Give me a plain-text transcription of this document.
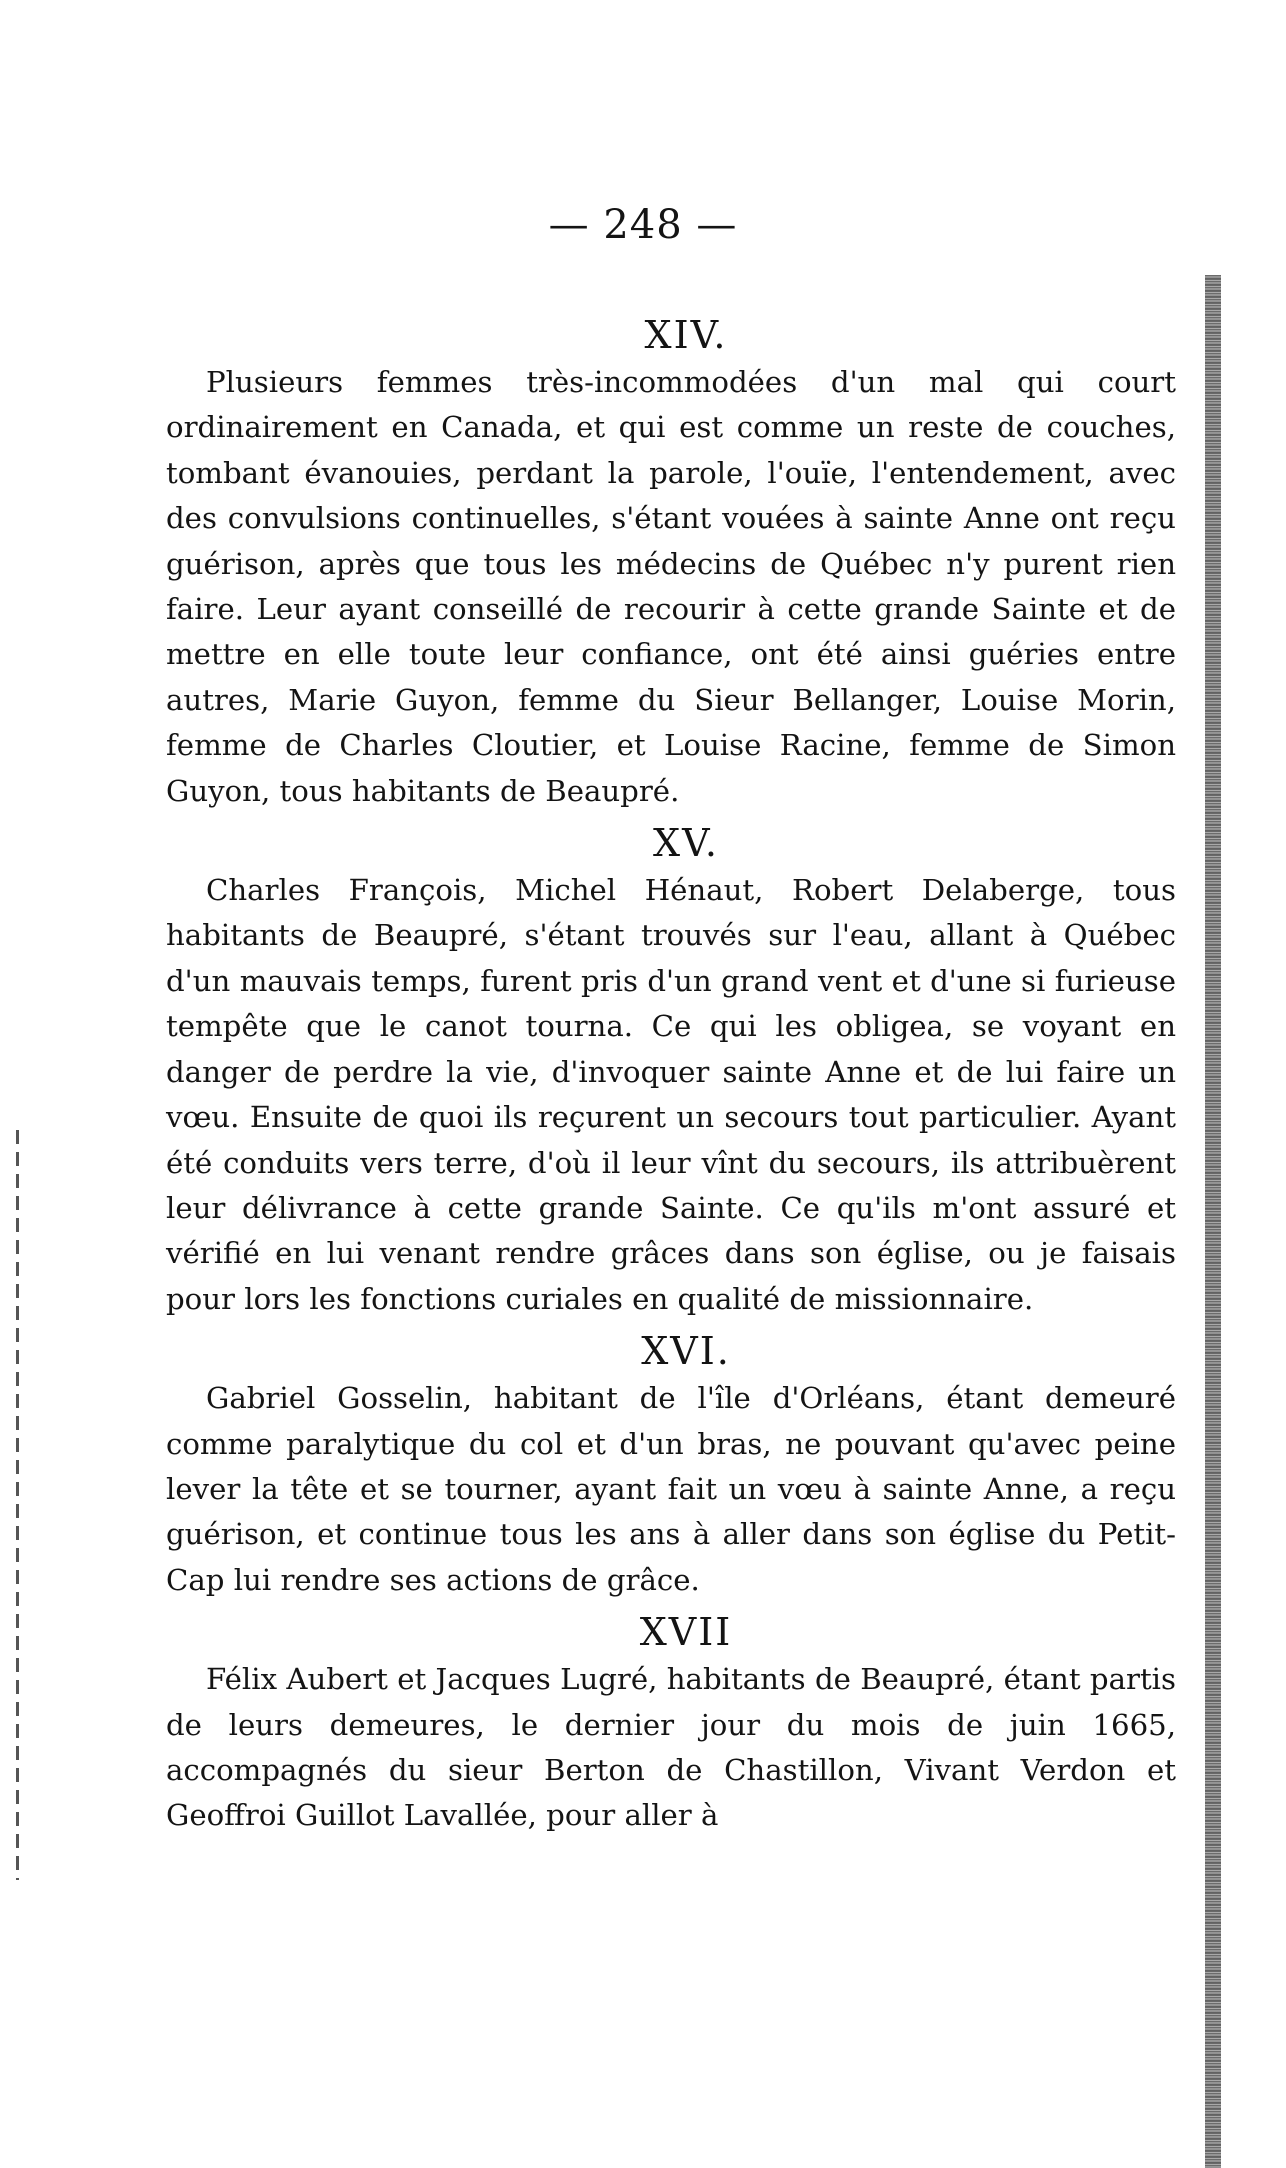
— 248 —

XIV.

Plusieurs femmes très-incommodées d'un mal qui court ordinairement en Canada, et qui est comme un reste de couches, tombant évanouies, perdant la parole, l'ouïe, l'entendement, avec des convulsions continuelles, s'étant vouées à sainte Anne ont reçu guérison, après que tous les médecins de Québec n'y purent rien faire. Leur ayant conseillé de recourir à cette grande Sainte et de mettre en elle toute leur confiance, ont été ainsi guéries entre autres, Marie Guyon, femme du Sieur Bellanger, Louise Morin, femme de Charles Cloutier, et Louise Racine, femme de Simon Guyon, tous habitants de Beaupré.

XV.

Charles François, Michel Hénaut, Robert Delaberge, tous habitants de Beaupré, s'étant trouvés sur l'eau, allant à Québec d'un mauvais temps, furent pris d'un grand vent et d'une si furieuse tempête que le canot tourna. Ce qui les obligea, se voyant en danger de perdre la vie, d'invoquer sainte Anne et de lui faire un vœu. Ensuite de quoi ils reçurent un secours tout particulier. Ayant été conduits vers terre, d'où il leur vînt du secours, ils attribuèrent leur délivrance à cette grande Sainte. Ce qu'ils m'ont assuré et vérifié en lui venant rendre grâces dans son église, ou je faisais pour lors les fonctions curiales en qualité de missionnaire.

XVI.

Gabriel Gosselin, habitant de l'île d'Orléans, étant demeuré comme paralytique du col et d'un bras, ne pouvant qu'avec peine lever la tête et se tourner, ayant fait un vœu à sainte Anne, a reçu guérison, et continue tous les ans à aller dans son église du Petit-Cap lui rendre ses actions de grâce.

XVII

Félix Aubert et Jacques Lugré, habitants de Beaupré, étant partis de leurs demeures, le dernier jour du mois de juin 1665, accompagnés du sieur Berton de Chastillon, Vivant Verdon et Geoffroi Guillot Lavallée, pour aller à
